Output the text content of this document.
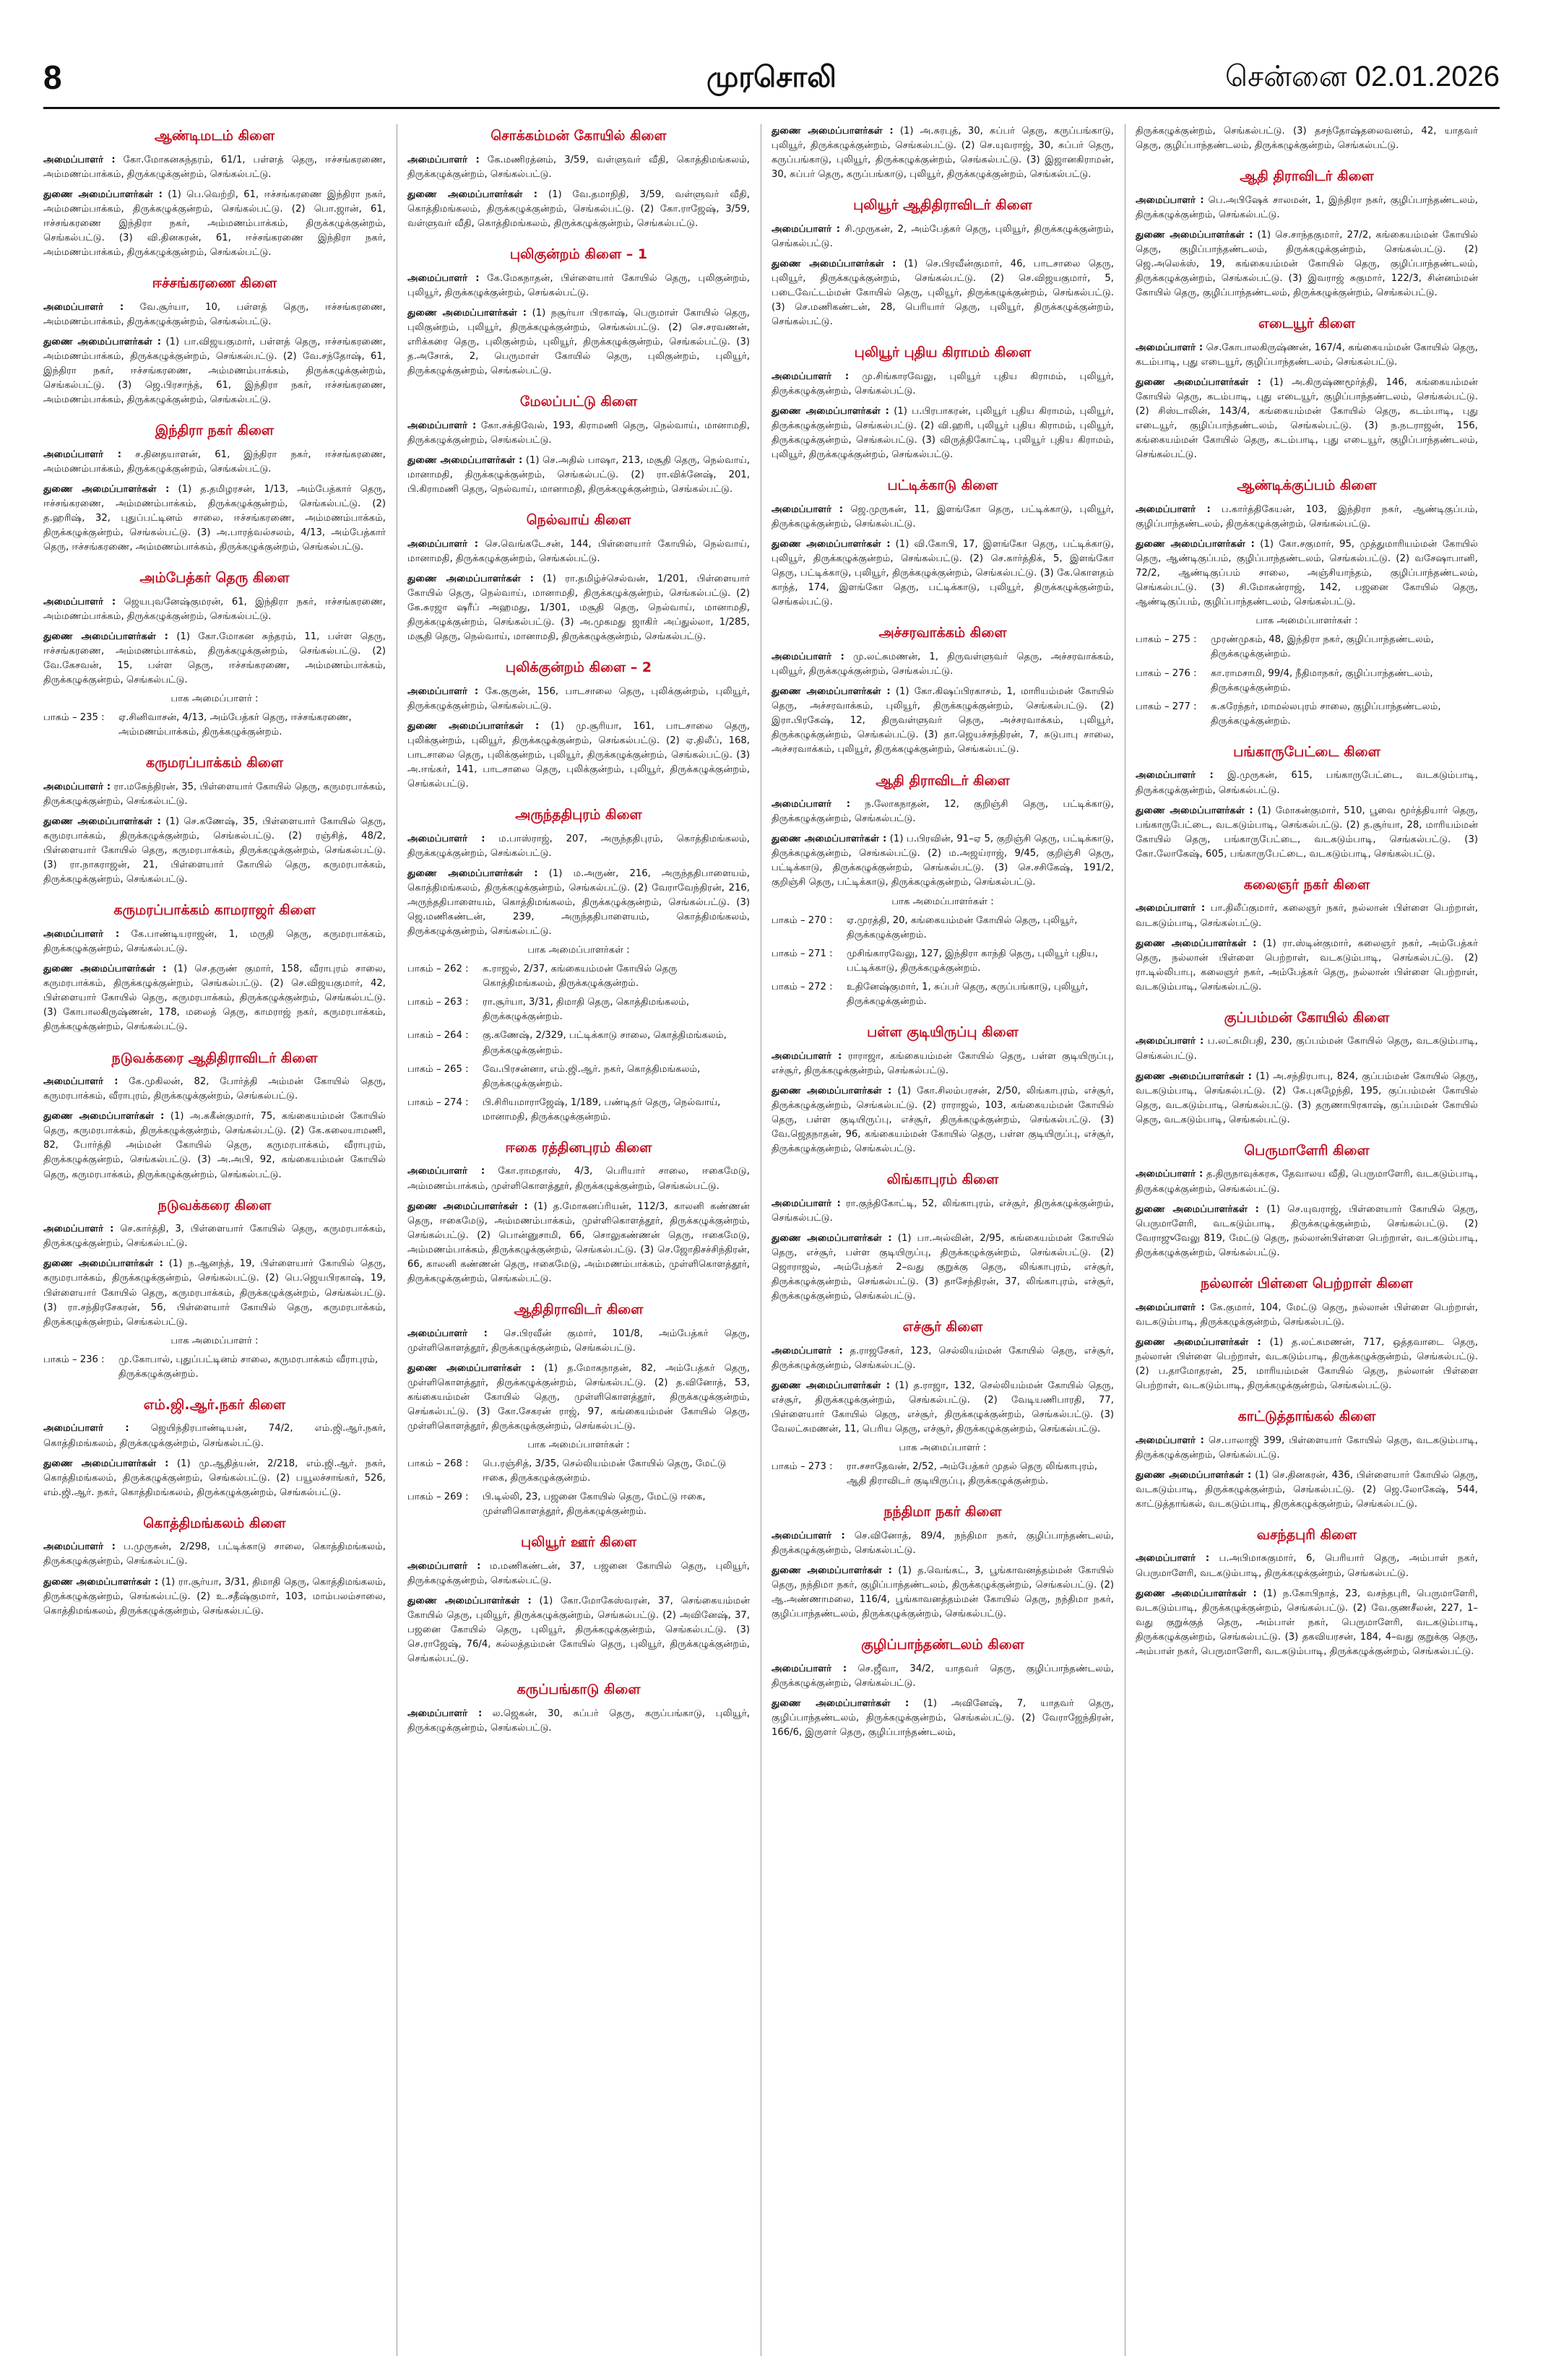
8	முரசொலி	சென்னை 02.01.2026
ஆண்டிமடம் கிளை

அமைப்பாளர் : கோ.மோகனசுந்தரம், 61/1, பள்ளத் தெரு, ஈச்சங்கரணை, அம்மணம்பாக்கம், திருக்கழுக்குன்றம், செங்கல்பட்டு.

துணை அமைப்பாளர்கள் : (1) பெ.வெற்றி, 61, ஈச்சங்கரணை இந்திரா நகர், அம்மணம்பாக்கம், திருக்கழுக்குன்றம், செங்கல்பட்டு. (2) பொ.ஜான், 61, ஈச்சங்கரணை இந்திரா நகர், அம்மணம்பாக்கம், திருக்கழுக்குன்றம், செங்கல்பட்டு. (3) வி.தினகரன், 61, ஈச்சங்கரணை இந்திரா நகர், அம்மணம்பாக்கம், திருக்கழுக்குன்றம், செங்கல்பட்டு.

ஈச்சங்கரணை கிளை

அமைப்பாளர் : வே.சூர்யா, 10, பள்ளத் தெரு, ஈச்சங்கரணை, அம்மணம்பாக்கம், திருக்கழுக்குன்றம், செங்கல்பட்டு.

துணை அமைப்பாளர்கள் : (1) பா.விஜயகுமார், பள்ளத் தெரு, ஈச்சங்கரணை, அம்மணம்பாக்கம், திருக்கழுக்குன்றம், செங்கல்பட்டு. (2) வே.சந்தோஷ், 61, இந்திரா நகர், ஈச்சங்கரணை, அம்மணம்பாக்கம், திருக்கழுக்குன்றம், செங்கல்பட்டு. (3) ஜெ.பிரசாந்த், 61, இந்திரா நகர், ஈச்சங்கரணை, அம்மணம்பாக்கம், திருக்கழுக்குன்றம், செங்கல்பட்டு.

இந்திரா நகர் கிளை

அமைப்பாளர் : ச.தினதயாளன், 61, இந்திரா நகர், ஈச்சங்கரணை, அம்மணம்பாக்கம், திருக்கழுக்குன்றம், செங்கல்பட்டு.

துணை அமைப்பாளர்கள் : (1) த.தமிழரசன், 1/13, அம்பேத்கார் தெரு, ஈச்சங்கரணை, அம்மணம்பாக்கம், திருக்கழுக்குன்றம், செங்கல்பட்டு. (2) த.ஹரிஷ், 32, புதுப்பட்டினம் சாலை, ஈச்சங்கரணை, அம்மணம்பாக்கம், திருக்கழுக்குன்றம், செங்கல்பட்டு. (3) அ.பாரத்வல்சலம், 4/13, அம்பேத்கார் தெரு, ஈச்சங்கரணை, அம்மணம்பாக்கம், திருக்கழுக்குன்றம், செங்கல்பட்டு.

அம்பேத்கர் தெரு கிளை

அமைப்பாளர் : ஜெயபுவனேஷ்குமரன், 61, இந்திரா நகர், ஈச்சங்கரணை, அம்மணம்பாக்கம், திருக்கழுக்குன்றம், செங்கல்பட்டு.

துணை அமைப்பாளர்கள் : (1) கோ.மோகன சுந்தரம், 11, பள்ள தெரு, ஈச்சங்கரணை, அம்மணம்பாக்கம், திருக்கழுக்குன்றம், செங்கல்பட்டு. (2) வே.கேசவன், 15, பள்ள தெரு, ஈச்சங்கரணை, அம்மணம்பாக்கம், திருக்கழுக்குன்றம், செங்கல்பட்டு.

பாக அமைப்பாளர் :
பாகம் – 235 :	ஏ.சினிவாசன், 4/13, அம்பேத்கர் தெரு, ஈச்சங்கரணை, அம்மணம்பாக்கம், திருக்கழுக்குன்றம்.
கருமரப்பாக்கம் கிளை

அமைப்பாளர் : ரா.மகேந்திரன், 35, பிள்ளையார் கோயில் தெரு, கருமரபாக்கம், திருக்கழுக்குன்றம், செங்கல்பட்டு.

துணை அமைப்பாளர்கள் : (1) செ.கணேஷ், 35, பிள்ளையார் கோயில் தெரு, கருமரபாக்கம், திருக்கழுக்குன்றம், செங்கல்பட்டு. (2) ரஞ்சித், 48/2, பிள்ளையார் கோயில் தெரு, கருமரபாக்கம், திருக்கழுக்குன்றம், செங்கல்பட்டு. (3) ரா.நாகராஜன், 21, பிள்ளையார் கோயில் தெரு, கருமரபாக்கம், திருக்கழுக்குன்றம், செங்கல்பட்டு.

கருமரப்பாக்கம் காமராஜர் கிளை

அமைப்பாளர் : கே.பாண்டியராஜன், 1, மருதி தெரு, கருமரபாக்கம், திருக்கழுக்குன்றம், செங்கல்பட்டு.

துணை அமைப்பாளர்கள் : (1) செ.தருண் குமார், 158, வீராபுரம் சாலை, கருமரபாக்கம், திருக்கழுக்குன்றம், செங்கல்பட்டு. (2) செ.விஜயகுமார், 42, பிள்ளையார் கோயில் தெரு, கருமரபாக்கம், திருக்கழுக்குன்றம், செங்கல்பட்டு. (3) கோபாலகிருஷ்ணன், 178, மலைத் தெரு, காமராஜ் நகர், கருமரபாக்கம், திருக்கழுக்குன்றம், செங்கல்பட்டு.

நடுவக்கரை ஆதிதிராவிடர் கிளை

அமைப்பாளர் : கே.முகிலன், 82, போர்த்தி அம்மன் கோயில் தெரு, கருமரபாக்கம், வீராபுரம், திருக்கழுக்குன்றம், செங்கல்பட்டு.

துணை அமைப்பாளர்கள் : (1) அ.சுகீன்குமார், 75, கங்கையம்மன் கோயில் தெரு, கருமரபாக்கம், திருக்கழுக்குன்றம், செங்கல்பட்டு. (2) கே.கலையாமணி, 82, போர்த்தி அம்மன் கோயில் தெரு, கருமரபாக்கம், வீராபுரம், திருக்கழுக்குன்றம், செங்கல்பட்டு. (3) அ.அபி, 92, கங்கையம்மன் கோயில் தெரு, கருமரபாக்கம், திருக்கழுக்குன்றம், செங்கல்பட்டு.

நடுவக்கரை கிளை

அமைப்பாளர் : செ.கார்த்தி, 3, பிள்ளையார் கோயில் தெரு, கருமரபாக்கம், திருக்கழுக்குன்றம், செங்கல்பட்டு.

துணை அமைப்பாளர்கள் : (1) ந.ஆனந்த், 19, பிள்ளையார் கோயில் தெரு, கருமரபாக்கம், திருக்கழுக்குன்றம், செங்கல்பட்டு. (2) பெ.ஜெயபிரகாஷ், 19, பிள்ளையார் கோயில் தெரு, கருமரபாக்கம், திருக்கழுக்குன்றம், செங்கல்பட்டு. (3) ரா.சந்திரசேகரன், 56, பிள்ளையார் கோயில் தெரு, கருமரபாக்கம், திருக்கழுக்குன்றம், செங்கல்பட்டு.

பாக அமைப்பாளர் :
பாகம் – 236 :	மு.கோபால், புதுப்பட்டினம் சாலை, கருமரபாக்கம் வீராபுரம், திருக்கழுக்குன்றம்.
எம்.ஜி.ஆர்.நகர் கிளை

அமைப்பாளர் : ஜெயிந்திரபாண்டியன், 74/2, எம்.ஜி.ஆர்.நகர், கொத்திமங்கலம், திருக்கழுக்குன்றம், செங்கல்பட்டு.

துணை அமைப்பாளர்கள் : (1) மு.ஆதித்யன், 2/218, எம்.ஜி.ஆர். நகர், கொத்திமங்கலம், திருக்கழுக்குன்றம், செங்கல்பட்டு. (2) பயூலச்சாங்கர், 526, எம்.ஜி.ஆர். நகர், கொத்திமங்கலம், திருக்கழுக்குன்றம், செங்கல்பட்டு.

கொத்திமங்கலம் கிளை

அமைப்பாளர் : ப.முருகன், 2/298, பட்டிக்காடு சாலை, கொத்திமங்கலம், திருக்கழுக்குன்றம், செங்கல்பட்டு.

துணை அமைப்பாளர்கள் : (1) ரா.சூர்யா, 3/31, திமாதி தெரு, கொத்திமங்கலம், திருக்கழுக்குன்றம், செங்கல்பட்டு. (2) உ.சதீஷ்குமார், 103, மாம்பலம்சாலை, கொத்திமங்கலம், திருக்கழுக்குன்றம், செங்கல்பட்டு.

சொக்கம்மன் கோயில் கிளை

அமைப்பாளர் : கே.மணிரத்னம், 3/59, வள்ளுவர் வீதி, கொத்திமங்கலம், திருக்கழுக்குன்றம், செங்கல்பட்டு.

துணை அமைப்பாளர்கள் : (1) வே.தமாநிதி, 3/59, வள்ளுவர் வீதி, கொத்திமங்கலம், திருக்கழுக்குன்றம், செங்கல்பட்டு. (2) கோ.ராஜேஷ், 3/59, வள்ளுவர் வீதி, கொத்திமங்கலம், திருக்கழுக்குன்றம், செங்கல்பட்டு.

புலிகுன்றம் கிளை – 1

அமைப்பாளர் : கே.மேகநாதன், பிள்ளையார் கோயில் தெரு, புலிகுன்றம், புலியூர், திருக்கழுக்குன்றம், செங்கல்பட்டு.

துணை அமைப்பாளர்கள் : (1) நசூர்யா பிரகாஷ், பெருமாள் கோயில் தெரு, புலிகுன்றம், புலியூர், திருக்கழுக்குன்றம், செங்கல்பட்டு. (2) செ.சரவணன், எரிக்கரை தெரு, புலிகுன்றம், புலியூர், திருக்கழுக்குன்றம், செங்கல்பட்டு. (3) த.அசோக், 2, பெருமாள் கோயில் தெரு, புலிகுன்றம், புலியூர், திருக்கழுக்குன்றம், செங்கல்பட்டு.

மேலப்பட்டு கிளை

அமைப்பாளர் : கோ.சக்திவேல், 193, கிராமணி தெரு, நெல்வாய், மானாமதி, திருக்கழுக்குன்றம், செங்கல்பட்டு.

துணை அமைப்பாளர்கள் : (1) செ.அதில் பாஷா, 213, மசூதி தெரு, நெல்வாய், மானாமதி, திருக்கழுக்குன்றம், செங்கல்பட்டு. (2) ரா.விக்னேஷ், 201, பி.கிராமணி தெரு, நெல்வாய், மானாமதி, திருக்கழுக்குன்றம், செங்கல்பட்டு.

நெல்வாய் கிளை

அமைப்பாளர் : செ.வெங்கடேசன், 144, பிள்ளையார் கோயில், நெல்வாய், மானாமதி, திருக்கழுக்குன்றம், செங்கல்பட்டு.

துணை அமைப்பாளர்கள் : (1) ரா.தமிழ்ச்செல்வன், 1/201, பிள்ளையார் கோயில் தெரு, நெல்வாய், மானாமதி, திருக்கழுக்குன்றம், செங்கல்பட்டு. (2) கே.சுரஜா ஷரீப் அஹமது, 1/301, மசூதி தெரு, நெல்வாய், மானாமதி, திருக்கழுக்குன்றம், செங்கல்பட்டு. (3) அ.முகமது ஜாகிர் அப்துல்லா, 1/285, மசூதி தெரு, நெல்வாய், மானாமதி, திருக்கழுக்குன்றம், செங்கல்பட்டு.

புலிக்குன்றம் கிளை – 2

அமைப்பாளர் : கே.குருன், 156, பாடசாலை தெரு, புலிக்குன்றம், புலியூர், திருக்கழுக்குன்றம், செங்கல்பட்டு.

துணை அமைப்பாளர்கள் : (1) மு.சூரியா, 161, பாடசாலை தெரு, புலிக்குன்றம், புலியூர், திருக்கழுக்குன்றம், செங்கல்பட்டு. (2) ஏ.திலீப், 168, பாடசாலை தெரு, புலிக்குன்றம், புலியூர், திருக்கழுக்குன்றம், செங்கல்பட்டு. (3) அ.ஈங்கர், 141, பாடசாலை தெரு, புலிக்குன்றம், புலியூர், திருக்கழுக்குன்றம், செங்கல்பட்டு.

அருந்ததிபுரம் கிளை

அமைப்பாளர் : ம.பாஸ்ராஜ், 207, அருந்ததிபுரம், கொத்திமங்கலம், திருக்கழுக்குன்றம், செங்கல்பட்டு.

துணை அமைப்பாளர்கள் : (1) ம.அருண், 216, அருந்ததிபாளையம், கொத்திமங்கலம், திருக்கழுக்குன்றம், செங்கல்பட்டு. (2) வேராவேந்திரன், 216, அருந்ததிபாளையம், கொத்திமங்கலம், திருக்கழுக்குன்றம், செங்கல்பட்டு. (3) ஜெ.மணிகண்டன், 239, அருந்ததிபாளையம், கொத்திமங்கலம், திருக்கழுக்குன்றம், செங்கல்பட்டு.

பாக அமைப்பாளர்கள் :
பாகம் – 262 :	க.ராஜல், 2/37, கங்கையம்மன் கோயில் தெரு கொத்திமங்கலம், திருக்கழுக்குன்றம்.
பாகம் – 263 :	ரா.சூர்யா, 3/31, திமாதி தெரு, கொத்திமங்கலம், திருக்கழுக்குன்றம்.
பாகம் – 264 :	கு.கணேஷ், 2/329, பட்டிக்காடு சாலை, கொத்திமங்கலம், திருக்கழுக்குன்றம்.
பாகம் – 265 :	வே.பிரசன்னா, எம்.ஜி.ஆர். நகர், கொத்திமங்கலம், திருக்கழுக்குன்றம்.
பாகம் – 274 :	பி.சிரியமாராஜேஷ், 1/189, பண்டிதர் தெரு, நெல்வாய், மானாமதி, திருக்கழுக்குன்றம்.
ஈகை ரத்தினபுரம் கிளை

அமைப்பாளர் : கோ.ராமதாஸ், 4/3, பெரியார் சாலை, ஈகைமேடு, அம்மணம்பாக்கம், முள்ளிகொளத்தூர், திருக்கழுக்குன்றம், செங்கல்பட்டு.

துணை அமைப்பாளர்கள் : (1) த.மோகனப்ரியன், 112/3, காலனி கண்ணன் தெரு, ஈகைமேடு, அம்மணம்பாக்கம், முள்ளிகொளத்தூர், திருக்கழுக்குன்றம், செங்கல்பட்டு. (2) பொன்னுசாமி, 66, சொலுகண்ணன் தெரு, ஈகைமேடு, அம்மணம்பாக்கம், திருக்கழுக்குன்றம், செங்கல்பட்டு. (3) செ.ஜோதிசச்சிந்திரன், 66, காலனி கண்ணன் தெரு, ஈகைமேடு, அம்மணம்பாக்கம், முள்ளிகொளத்தூர், திருக்கழுக்குன்றம், செங்கல்பட்டு.

ஆதிதிராவிடர் கிளை

அமைப்பாளர் : செ.பிரவீன் குமார், 101/8, அம்பேத்கர் தெரு, முள்ளிகொளத்தூர், திருக்கழுக்குன்றம், செங்கல்பட்டு.

துணை அமைப்பாளர்கள் : (1) த.மோகநாதன், 82, அம்பேத்கர் தெரு, முள்ளிகொளத்தூர், திருக்கழுக்குன்றம், செங்கல்பட்டு. (2) த.வினோத், 53, கங்கையம்மன் கோயில் தெரு, முள்ளிகொளத்தூர், திருக்கழுக்குன்றம், செங்கல்பட்டு. (3) கோ.சேகரன் ராஜ், 97, கங்கையம்மன் கோயில் தெரு, முள்ளிகொளத்தூர், திருக்கழுக்குன்றம், செங்கல்பட்டு.

பாக அமைப்பாளர்கள் :
பாகம் – 268 :	பெ.ரஞ்சித், 3/35, செல்லியம்மன் கோயில் தெரு, மேட்டு ஈகை, திருக்கழுக்குன்றம்.
பாகம் – 269 :	பி.டில்லி, 23, பஜனை கோயில் தெரு, மேட்டு ஈகை, முள்ளிகொளத்தூர், திருக்கழுக்குன்றம்.
புலியூர் ஊர் கிளை

அமைப்பாளர் : ம.மணிகண்டன், 37, பஜனை கோயில் தெரு, புலியூர், திருக்கழுக்குன்றம், செங்கல்பட்டு.

துணை அமைப்பாளர்கள் : (1) கோ.மோகேஸ்வரன், 37, செங்கையம்மன் கோயில் தெரு, புலியூர், திருக்கழுக்குன்றம், செங்கல்பட்டு. (2) அவினேஷ், 37, பஜனை கோயில் தெரு, புலியூர், திருக்கழுக்குன்றம், செங்கல்பட்டு. (3) செ.ராஜேஷ், 76/4, சுல்லத்தம்மன் கோயில் தெரு, புலியூர், திருக்கழுக்குன்றம், செங்கல்பட்டு.

கருப்பங்காடு கிளை

அமைப்பாளர் : ல.ஜெகன், 30, சுப்பர் தெரு, கருப்பங்காடு, புலியூர், திருக்கழுக்குன்றம், செங்கல்பட்டு.

துணை அமைப்பாளர்கள் : (1) அ.சுரபுத், 30, சுப்பர் தெரு, கருப்பங்காடு, புலியூர், திருக்கழுக்குன்றம், செங்கல்பட்டு. (2) செ.யுவராஜ், 30, சுப்பர் தெரு, கருப்பங்காடு, புலியூர், திருக்கழுக்குன்றம், செங்கல்பட்டு. (3) இஜானகிராமன், 30, சுப்பர் தெரு, கருப்பங்காடு, புலியூர், திருக்கழுக்குன்றம், செங்கல்பட்டு.

புலியூர் ஆதிதிராவிடர் கிளை

அமைப்பாளர் : சி.முருகன், 2, அம்பேத்கர் தெரு, புலியூர், திருக்கழுக்குன்றம், செங்கல்பட்டு.

துணை அமைப்பாளர்கள் : (1) செ.பிரவீன்குமார், 46, பாடசாலை தெரு, புலியூர், திருக்கழுக்குன்றம், செங்கல்பட்டு. (2) செ.விஜயகுமார், 5, படைவேட்டம்மன் கோயில் தெரு, புலியூர், திருக்கழுக்குன்றம், செங்கல்பட்டு. (3) செ.மணிகண்டன், 28, பெரியார் தெரு, புலியூர், திருக்கழுக்குன்றம், செங்கல்பட்டு.

புலியூர் புதிய கிராமம் கிளை

அமைப்பாளர் : மு.சிங்காரவேலு, புலியூர் புதிய கிராமம், புலியூர், திருக்கழுக்குன்றம், செங்கல்பட்டு.

துணை அமைப்பாளர்கள் : (1) ப.பிரபாகரன், புலியூர் புதிய கிராமம், புலியூர், திருக்கழுக்குன்றம், செங்கல்பட்டு. (2) வி.ஹரி, புலியூர் புதிய கிராமம், புலியூர், திருக்கழுக்குன்றம், செங்கல்பட்டு. (3) விருத்திகோட்டி, புலியூர் புதிய கிராமம், புலியூர், திருக்கழுக்குன்றம், செங்கல்பட்டு.

பட்டிக்காடு கிளை

அமைப்பாளர் : ஜெ.முருகன், 11, இளங்கோ தெரு, பட்டிக்காடு, புலியூர், திருக்கழுக்குன்றம், செங்கல்பட்டு.

துணை அமைப்பாளர்கள் : (1) வி.கோபி, 17, இளங்கோ தெரு, பட்டிக்காடு, புலியூர், திருக்கழுக்குன்றம், செங்கல்பட்டு. (2) செ.கார்த்திக், 5, இளங்கோ தெரு, பட்டிக்காடு, புலியூர், திருக்கழுக்குன்றம், செங்கல்பட்டு. (3) கே.கொளதம் காந்த், 174, இளங்கோ தெரு, பட்டிக்காடு, புலியூர், திருக்கழுக்குன்றம், செங்கல்பட்டு.

அச்சரவாக்கம் கிளை

அமைப்பாளர் : மு.லட்சுமணன், 1, திருவள்ளுவர் தெரு, அச்சரவாக்கம், புலியூர், திருக்கழுக்குன்றம், செங்கல்பட்டு.

துணை அமைப்பாளர்கள் : (1) கோ.கிஷப்பிரகாசம், 1, மாரியம்மன் கோயில் தெரு, அச்சரவாக்கம், புலியூர், திருக்கழுக்குன்றம், செங்கல்பட்டு. (2) இரா.பிரகேஷ், 12, திருவள்ளுவர் தெரு, அச்சரவாக்கம், புலியூர், திருக்கழுக்குன்றம், செங்கல்பட்டு. (3) தா.ஜெயச்சந்திரன், 7, சுடுபாபு சாலை, அச்சரவாக்கம், புலியூர், திருக்கழுக்குன்றம், செங்கல்பட்டு.

ஆதி திராவிடர் கிளை

அமைப்பாளர் : ந.லோகநாதன், 12, குறிஞ்சி தெரு, பட்டிக்காடு, திருக்கழுக்குன்றம், செங்கல்பட்டு.

துணை அமைப்பாளர்கள் : (1) ப.பிரவின், 91–ஏ 5, குறிஞ்சி தெரு, பட்டிக்காடு, திருக்கழுக்குன்றம், செங்கல்பட்டு. (2) ம.அஜய்ராஜ், 9/45, குறிஞ்சி தெரு, பட்டிக்காடு, திருக்கழுக்குன்றம், செங்கல்பட்டு. (3) செ.சசிகேஷ், 191/2, குறிஞ்சி தெரு, பட்டிக்காடு, திருக்கழுக்குன்றம், செங்கல்பட்டு.

பாக அமைப்பாளர்கள் :
பாகம் – 270 :	ஏ.முரத்தி, 20, கங்கையம்மன் கோயில் தெரு, புலியூர், திருக்கழுக்குன்றம்.
பாகம் – 271 :	முசிங்காரவேலு, 127, இந்திரா காந்தி தெரு, புலியூர் புதிய, பட்டிக்காடு, திருக்கழுக்குன்றம்.
பாகம் – 272 :	உதினேஷ்குமார், 1, சுப்பர் தெரு, கருப்பங்காடு, புலியூர், திருக்கழுக்குன்றம்.
பள்ள குடியிருப்பு கிளை

அமைப்பாளர் : ராராஜா, கங்கையம்மன் கோயில் தெரு, பள்ள குடியிருப்பு, எச்சூர், திருக்கழுக்குன்றம், செங்கல்பட்டு.

துணை அமைப்பாளர்கள் : (1) கோ.சிலம்பரசன், 2/50, லிங்காபுரம், எச்சூர், திருக்கழுக்குன்றம், செங்கல்பட்டு. (2) ராராஜல், 103, கங்கையம்மன் கோயில் தெரு, பள்ள குடியிருப்பு, எச்சூர், திருக்கழுக்குன்றம், செங்கல்பட்டு. (3) வே.ஜெதநாதன், 96, கங்கையம்மன் கோயில் தெரு, பள்ள குடியிருப்பு, எச்சூர், திருக்கழுக்குன்றம், செங்கல்பட்டு.

லிங்காபுரம் கிளை

அமைப்பாளர் : ரா.குந்திகோட்டி, 52, லிங்காபுரம், எச்சூர், திருக்கழுக்குன்றம், செங்கல்பட்டு.

துணை அமைப்பாளர்கள் : (1) பா.அல்வின், 2/95, கங்கையம்மன் கோயில் தெரு, எச்சூர், பள்ள குடியிருப்பு, திருக்கழுக்குன்றம், செங்கல்பட்டு. (2) ஜொராஜல், அம்பேத்கர் 2–வது குறுக்கு தெரு, லிங்காபுரம், எச்சூர், திருக்கழுக்குன்றம், செங்கல்பட்டு. (3) தாசேந்திரன், 37, லிங்காபுரம், எச்சூர், திருக்கழுக்குன்றம், செங்கல்பட்டு.

எச்சூர் கிளை

அமைப்பாளர் : த.ராஜசேகர், 123, செல்லியம்மன் கோயில் தெரு, எச்சூர், திருக்கழுக்குன்றம், செங்கல்பட்டு.

துணை அமைப்பாளர்கள் : (1) த.ராஜா, 132, செல்லியம்மன் கோயில் தெரு, எச்சூர், திருக்கழுக்குன்றம், செங்கல்பட்டு. (2) வேடியணிபாரதி, 77, பிள்ளையார் கோயில் தெரு, எச்சூர், திருக்கழுக்குன்றம், செங்கல்பட்டு. (3) வேலட்சுமணன், 11, பெரிய தெரு, எச்சூர், திருக்கழுக்குன்றம், செங்கல்பட்டு.

பாக அமைப்பாளர் :
பாகம் – 273 :	ரா.சசாதேவன், 2/52, அம்பேத்கர் முதல் தெரு லிங்காபுரம், ஆதி திராவிடர் குடியிருப்பு, திருக்கழுக்குன்றம்.
நந்திமா நகர் கிளை

அமைப்பாளர் : செ.வினோத், 89/4, நந்திமா நகர், குழிப்பாந்தண்டலம், திருக்கழுக்குன்றம், செங்கல்பட்டு.

துணை அமைப்பாளர்கள் : (1) த.வெங்கட், 3, பூங்காவனத்தம்மன் கோயில் தெரு, நந்திமா நகர், குழிப்பாந்தண்டலம், திருக்கழுக்குன்றம், செங்கல்பட்டு. (2) ஆ.அண்ணாமலை, 116/4, பூங்காவனத்தம்மன் கோயில் தெரு, நந்திமா நகர், குழிப்பாந்தண்டலம், திருக்கழுக்குன்றம், செங்கல்பட்டு.

குழிப்பாந்தண்டலம் கிளை

அமைப்பாளர் : செ.ஜீவா, 34/2, யாதவர் தெரு, குழிப்பாந்தண்டலம், திருக்கழுக்குன்றம், செங்கல்பட்டு.

துணை அமைப்பாளர்கள் : (1) அவினேஷ், 7, யாதவர் தெரு, குழிப்பாந்தண்டலம், திருக்கழுக்குன்றம், செங்கல்பட்டு. (2) வேராஜேந்திரன், 166/6, இருளர் தெரு, குழிப்பாந்தண்டலம்,

திருக்கழுக்குன்றம், செங்கல்பட்டு. (3) தசந்தோஷ்தலைவனம், 42, யாதவர் தெரு, குழிப்பாந்தண்டலம், திருக்கழுக்குன்றம், செங்கல்பட்டு.

ஆதி திராவிடர் கிளை

அமைப்பாளர் : பெ.அபிஷேக் சாலமன், 1, இந்திரா நகர், குழிப்பாந்தண்டலம், திருக்கழுக்குன்றம், செங்கல்பட்டு.

துணை அமைப்பாளர்கள் : (1) செ.சாந்தகுமார், 27/2, கங்கையம்மன் கோயில் தெரு, குழிப்பாந்தண்டலம், திருக்கழுக்குன்றம், செங்கல்பட்டு. (2) ஜெ.அலெக்ஸ், 19, கங்கையம்மன் கோயில் தெரு, குழிப்பாந்தண்டலம், திருக்கழுக்குன்றம், செங்கல்பட்டு. (3) இவராஜ் சுகுமார், 122/3, சின்னம்மன் கோயில் தெரு, குழிப்பாந்தண்டலம், திருக்கழுக்குன்றம், செங்கல்பட்டு.

எடையூர் கிளை

அமைப்பாளர் : செ.கோபாலகிருஷ்ணன், 167/4, கங்கையம்மன் கோயில் தெரு, கடம்பாடி, புது எடையூர், குழிப்பாந்தண்டலம், செங்கல்பட்டு.

துணை அமைப்பாளர்கள் : (1) அ.கிருஷ்ணமூர்த்தி, 146, கங்கையம்மன் கோயில் தெரு, கடம்பாடி, புது எடையூர், குழிப்பாந்தண்டலம், செங்கல்பட்டு. (2) சிஸ்டாலின், 143/4, கங்கையம்மன் கோயில் தெரு, கடம்பாடி, புது எடையூர், குழிப்பாந்தண்டலம், செங்கல்பட்டு. (3) ந.நடராஜன், 156, கங்கையம்மன் கோயில் தெரு, கடம்பாடி, புது எடையூர், குழிப்பாந்தண்டலம், செங்கல்பட்டு.

ஆண்டிக்குப்பம் கிளை

அமைப்பாளர் : ப.கார்த்திகேயன், 103, இந்திரா நகர், ஆண்டிகுப்பம், குழிப்பாந்தண்டலம், திருக்கழுக்குன்றம், செங்கல்பட்டு.

துணை அமைப்பாளர்கள் : (1) கோ.சகுமார், 95, முத்துமாரியம்மன் கோயில் தெரு, ஆண்டிகுப்பம், குழிப்பாந்தண்டலம், செங்கல்பட்டு. (2) வசேஷாபானி, 72/2, ஆண்டிகுப்பம் சாலை, அஞ்சியாந்தம், குழிப்பாந்தண்டலம், செங்கல்பட்டு. (3) சி.மோகன்ராஜ், 142, பஜனை கோயில் தெரு, ஆண்டிகுப்பம், குழிப்பாந்தண்டலம், செங்கல்பட்டு.

பாக அமைப்பாளர்கள் :
பாகம் – 275 :	முரண்முகம், 48, இந்திரா நகர், குழிப்பாந்தண்டலம், திருக்கழுக்குன்றம்.
பாகம் – 276 :	கா.ராமசாமி, 99/4, நீதிமாநகர், குழிப்பாந்தண்டலம், திருக்கழுக்குன்றம்.
பாகம் – 277 :	சு.சுரேந்தர், மாமல்லபுரம் சாலை, குழிப்பாந்தண்டலம், திருக்கழுக்குன்றம்.
பங்காருபேட்டை கிளை

அமைப்பாளர் : இ.முருகன், 615, பங்காருபேட்டை, வடகடும்பாடி, திருக்கழுக்குன்றம், செங்கல்பட்டு.

துணை அமைப்பாளர்கள் : (1) மோகன்குமார், 510, பூவை மூர்த்தியார் தெரு, பங்காருபேட்டை, வடகடும்பாடி, செங்கல்பட்டு. (2) த.சூர்யா, 28, மாரியம்மன் கோயில் தெரு, பங்காருபேட்டை, வடகடும்பாடி, செங்கல்பட்டு. (3) கோ.லோகேஷ், 605, பங்காருபேட்டை, வடகடும்பாடி, செங்கல்பட்டு.

கலைஞர் நகர் கிளை

அமைப்பாளர் : பா.திலீப்குமார், கலைஞர் நகர், நல்லான் பிள்ளை பெற்றாள், வடகடும்பாடி, செங்கல்பட்டு.

துணை அமைப்பாளர்கள் : (1) ரா.ஸ்டின்குமார், கலைஞர் நகர், அம்பேத்கர் தெரு, நல்லான் பிள்ளை பெற்றாள், வடகடும்பாடி, செங்கல்பட்டு. (2) ரா.டில்லிபாபு, கலைஞர் நகர், அம்பேத்கர் தெரு, நல்லான் பிள்ளை பெற்றாள், வடகடும்பாடி, செங்கல்பட்டு.

குப்பம்மன் கோயில் கிளை

அமைப்பாளர் : ப.லட்சுமிபதி, 230, குப்பம்மன் கோயில் தெரு, வடகடும்பாடி, செங்கல்பட்டு.

துணை அமைப்பாளர்கள் : (1) அ.சந்திரபாபு, 824, குப்பம்மன் கோயில் தெரு, வடகடும்பாடி, செங்கல்பட்டு. (2) கே.புகழேந்தி, 195, குப்பம்மன் கோயில் தெரு, வடகடும்பாடி, செங்கல்பட்டு. (3) தருணாபிரகாஷ், குப்பம்மன் கோயில் தெரு, வடகடும்பாடி, செங்கல்பட்டு.

பெருமாளேரி கிளை

அமைப்பாளர் : த.திருநாவுக்கரசு, தேவாலய வீதி, பெருமாளேரி, வடகடும்பாடி, திருக்கழுக்குன்றம், செங்கல்பட்டு.

துணை அமைப்பாளர்கள் : (1) செ.யுவராஜ், பிள்ளையார் கோயில் தெரு, பெருமாளேரி, வடகடும்பாடி, திருக்கழுக்குன்றம், செங்கல்பட்டு. (2) வேராஜுவேலு 819, மேட்டு தெரு, நல்லான்பிள்ளை பெற்றாள், வடகடும்பாடி, திருக்கழுக்குன்றம், செங்கல்பட்டு.

நல்லான் பிள்ளை பெற்றாள் கிளை

அமைப்பாளர் : கே.குமார், 104, மேட்டு தெரு, நல்லான் பிள்ளை பெற்றாள், வடகடும்பாடி, திருக்கழுக்குன்றம், செங்கல்பட்டு.

துணை அமைப்பாளர்கள் : (1) த.லட்சுமணன், 717, ஒத்தவாடை தெரு, நல்லான் பிள்ளை பெற்றாள், வடகடும்பாடி, திருக்கழுக்குன்றம், செங்கல்பட்டு. (2) ப.தாமோதரன், 25, மாரியம்மன் கோயில் தெரு, நல்லான் பிள்ளை பெற்றாள், வடகடும்பாடி, திருக்கழுக்குன்றம், செங்கல்பட்டு.

காட்டுத்தாங்கல் கிளை

அமைப்பாளர் : செ.பாலாஜி 399, பிள்ளையார் கோயில் தெரு, வடகடும்பாடி, திருக்கழுக்குன்றம், செங்கல்பட்டு.

துணை அமைப்பாளர்கள் : (1) செ.தினகரன், 436, பிள்ளையார் கோயில் தெரு, வடகடும்பாடி, திருக்கழுக்குன்றம், செங்கல்பட்டு. (2) ஜெ.லோகேஷ், 544, காட்டுத்தாங்கல், வடகடும்பாடி, திருக்கழுக்குன்றம், செங்கல்பட்டு.

வசந்தபுரி கிளை

அமைப்பாளர் : ப.அபிமாசுகுமார், 6, பெரியார் தெரு, அம்பாள் நகர், பெருமாளேரி, வடகடும்பாடி, திருக்கழுக்குன்றம், செங்கல்பட்டு.

துணை அமைப்பாளர்கள் : (1) ந.கோபிநாத், 23, வசந்தபுரி, பெருமாளேரி, வடகடும்பாடி, திருக்கழுக்குன்றம், செங்கல்பட்டு. (2) வே.குணசீலன், 227, 1–வது குறுக்குத் தெரு, அம்பாள் நகர், பெருமாளேரி, வடகடும்பாடி, திருக்கழுக்குன்றம், செங்கல்பட்டு. (3) தகவியரசன், 184, 4–வது குறுக்கு தெரு, அம்பாள் நகர், பெருமாளேரி, வடகடும்பாடி, திருக்கழுக்குன்றம், செங்கல்பட்டு.
